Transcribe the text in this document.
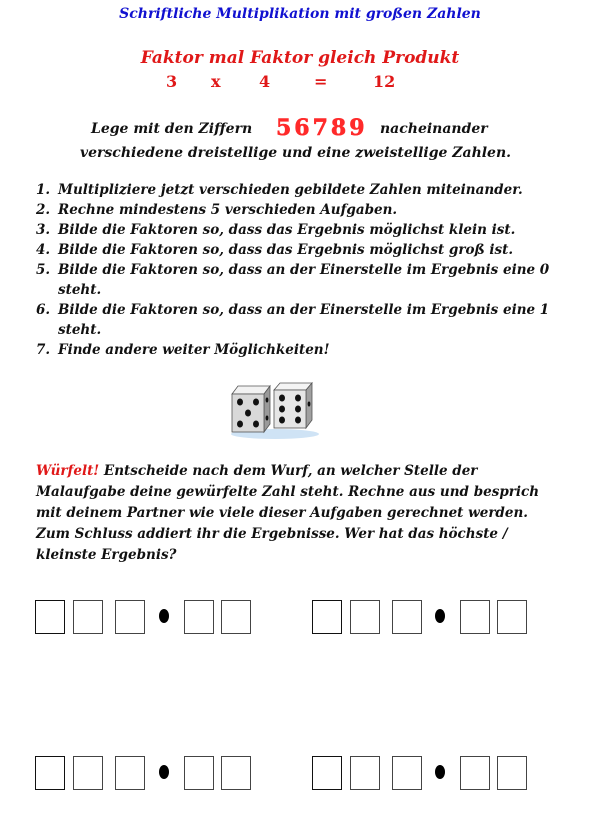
Schriftliche Multiplikation mit großen Zahlen
Faktor mal Faktor gleich Produkt
3 x 4	=	12
Lege mit den Ziffern 56789 nacheinander
verschiedene dreistellige und eine zweistellige Zahlen.
1. Multipliziere jetzt verschieden gebildete Zahlen miteinander.
2. Rechne mindestens 5 verschieden Aufgaben.
3. Bilde die Faktoren so, dass das Ergebnis möglichst klein ist.
4. Bilde die Faktoren so, dass das Ergebnis möglichst groß ist.
5. Bilde die Faktoren so, dass an der Einerstelle im Ergebnis eine 0 steht.
6. Bilde die Faktoren so, dass an der Einerstelle im Ergebnis eine 1 steht.
7. Finde andere weiter Möglichkeiten!
Würfelt! Entscheide nach dem Wurf, an welcher Stelle der Malaufgabe deine gewürfelte Zahl steht. Rechne aus und besprich mit deinem Partner wie viele dieser Aufgaben gerechnet werden. Zum Schluss addiert ihr die Ergebnisse. Wer hat das höchste / kleinste Ergebnis?
